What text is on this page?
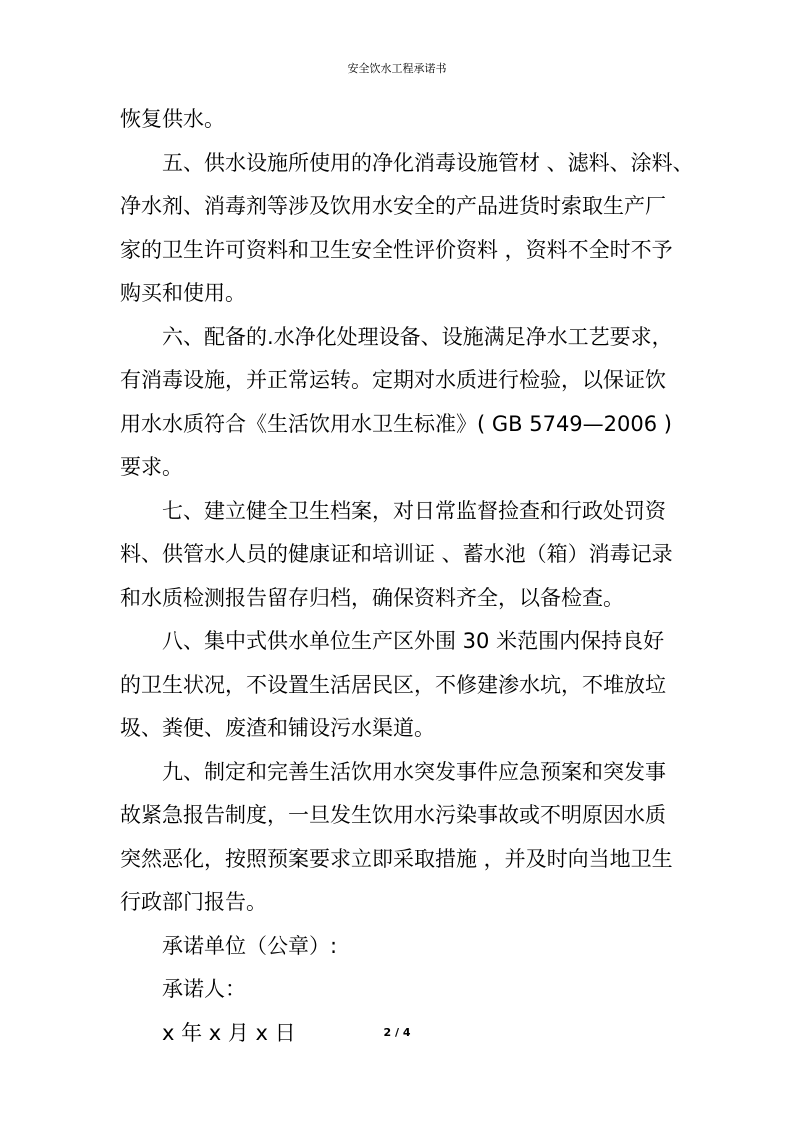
安全饮水工程承诺书

恢复供水。

五、供水设施所使用的净化消毒设施管材 、滤料、涂料、

净水剂、消毒剂等涉及饮用水安全的产品进货时索取生产厂

家的卫生许可资料和卫生安全性评价资料 ，资料不全时不予

购买和使用。

六、配备的.水净化处理设备、设施满足净水工艺要求，

有消毒设施，并正常运转。定期对水质进行检验，以保证饮

用水水质符合《生活饮用水卫生标准》( GB 5749—2006 )

要求。

七、建立健全卫生档案，对日常监督捡查和行政处罚资

料、供管水人员的健康证和培训证 、蓄水池（箱）消毒记录

和水质检测报告留存归档，确保资料齐全，以备检查。

八、集中式供水单位生产区外围 30 米范围内保持良好

的卫生状况，不设置生活居民区，不修建渗水坑，不堆放垃

圾、粪便、废渣和铺设污水渠道。

九、制定和完善生活饮用水突发事件应急预案和突发事

故紧急报告制度，一旦发生饮用水污染事故或不明原因水质

突然恶化，按照预案要求立即采取措施 ，并及时向当地卫生

行政部门报告。

承诺单位（公章）:

承诺人：

x 年 x 月 x 日	2 / 4
